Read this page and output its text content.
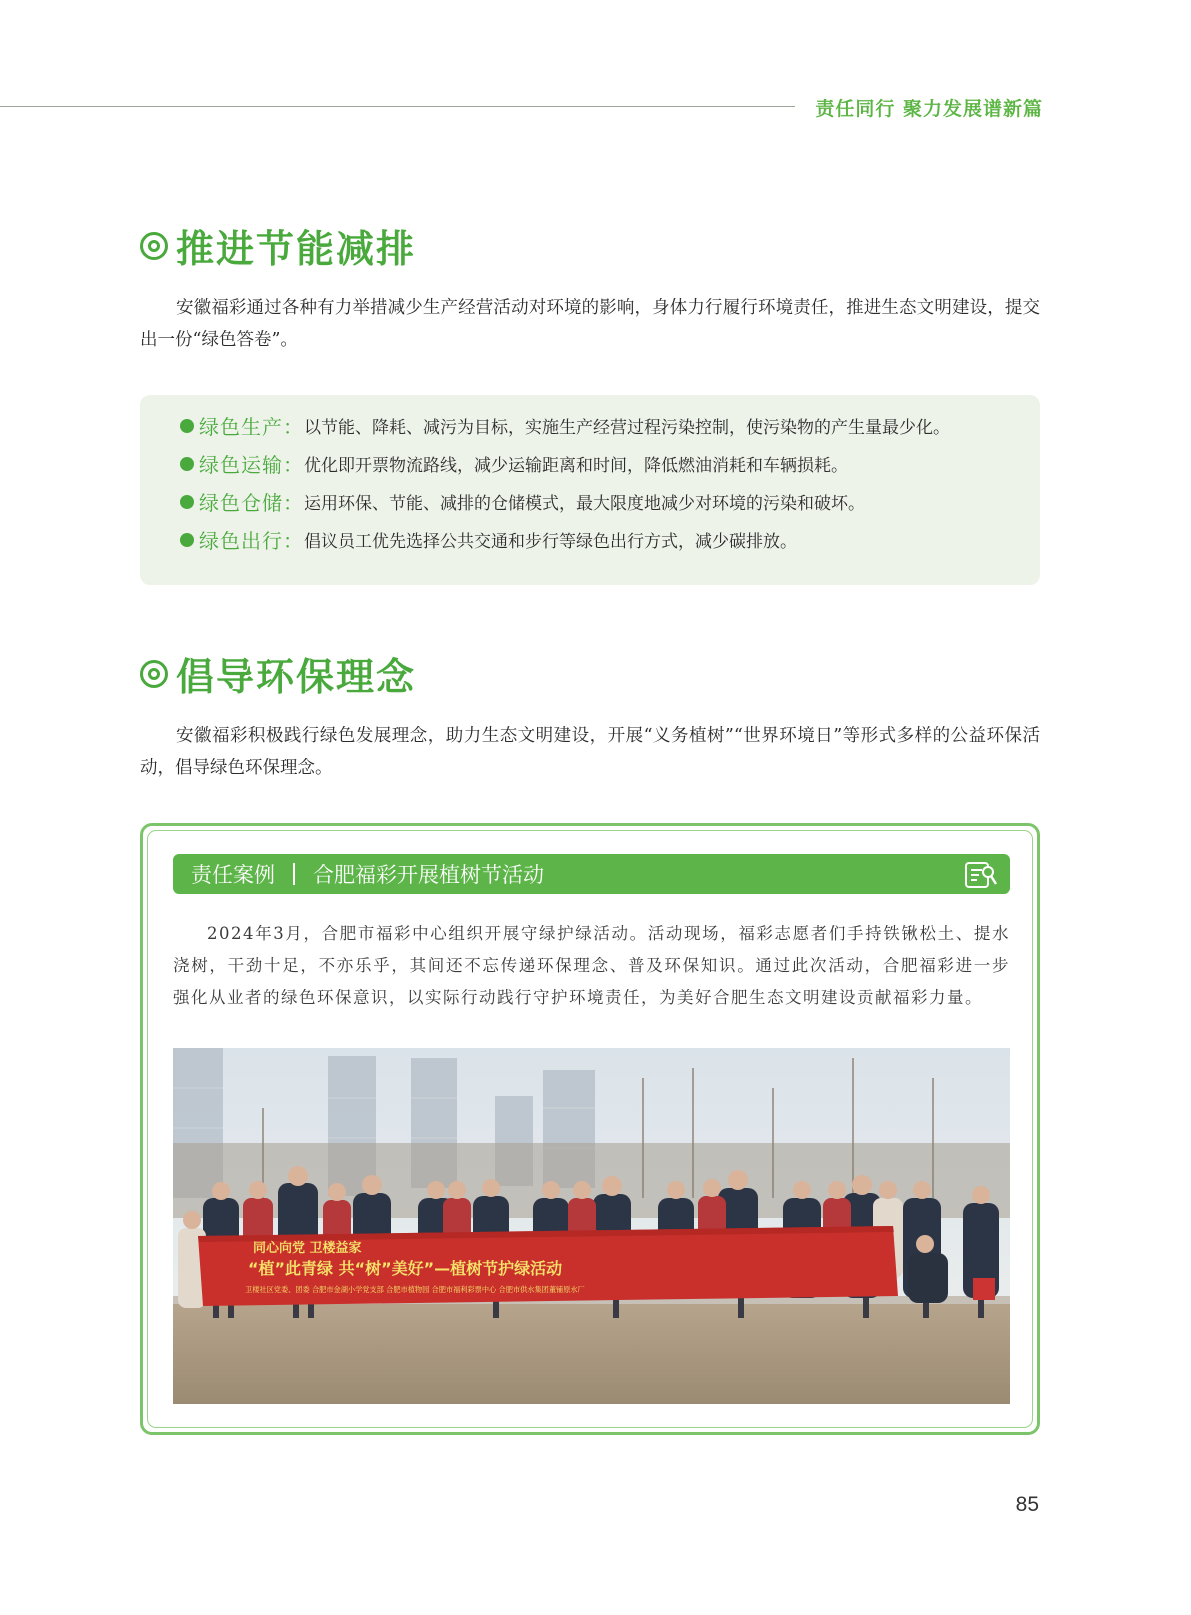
责任同行 聚力发展谱新篇
推进节能减排

安徽福彩通过各种有力举措减少生产经营活动对环境的影响，身体力行履行环境责任，推进生态文明建设，提交出一份“绿色答卷”。

绿色生产： 以节能、降耗、减污为目标，实施生产经营过程污染控制，使污染物的产生量最少化。
绿色运输： 优化即开票物流路线，减少运输距离和时间，降低燃油消耗和车辆损耗。
绿色仓储： 运用环保、节能、减排的仓储模式，最大限度地减少对环境的污染和破坏。
绿色出行： 倡议员工优先选择公共交通和步行等绿色出行方式，减少碳排放。
倡导环保理念

安徽福彩积极践行绿色发展理念，助力生态文明建设，开展“义务植树”“世界环境日”等形式多样的公益环保活动，倡导绿色环保理念。

责任案例 合肥福彩开展植树节活动

2024年3月，合肥市福彩中心组织开展守绿护绿活动。活动现场，福彩志愿者们手持铁锹松土、提水浇树，干劲十足，不亦乐乎，其间还不忘传递环保理念、普及环保知识。通过此次活动，合肥福彩进一步强化从业者的绿色环保意识，以实际行动践行守护环境责任，为美好合肥生态文明建设贡献福彩力量。

同心向党 卫楼益家
“植”此青绿 共“树”美好”—植树节护绿活动
卫楼社区党委、团委 合肥市金湖小学党支部 合肥市植物园 合肥市福利彩票中心 合肥市供水集团董铺原水厂
85
